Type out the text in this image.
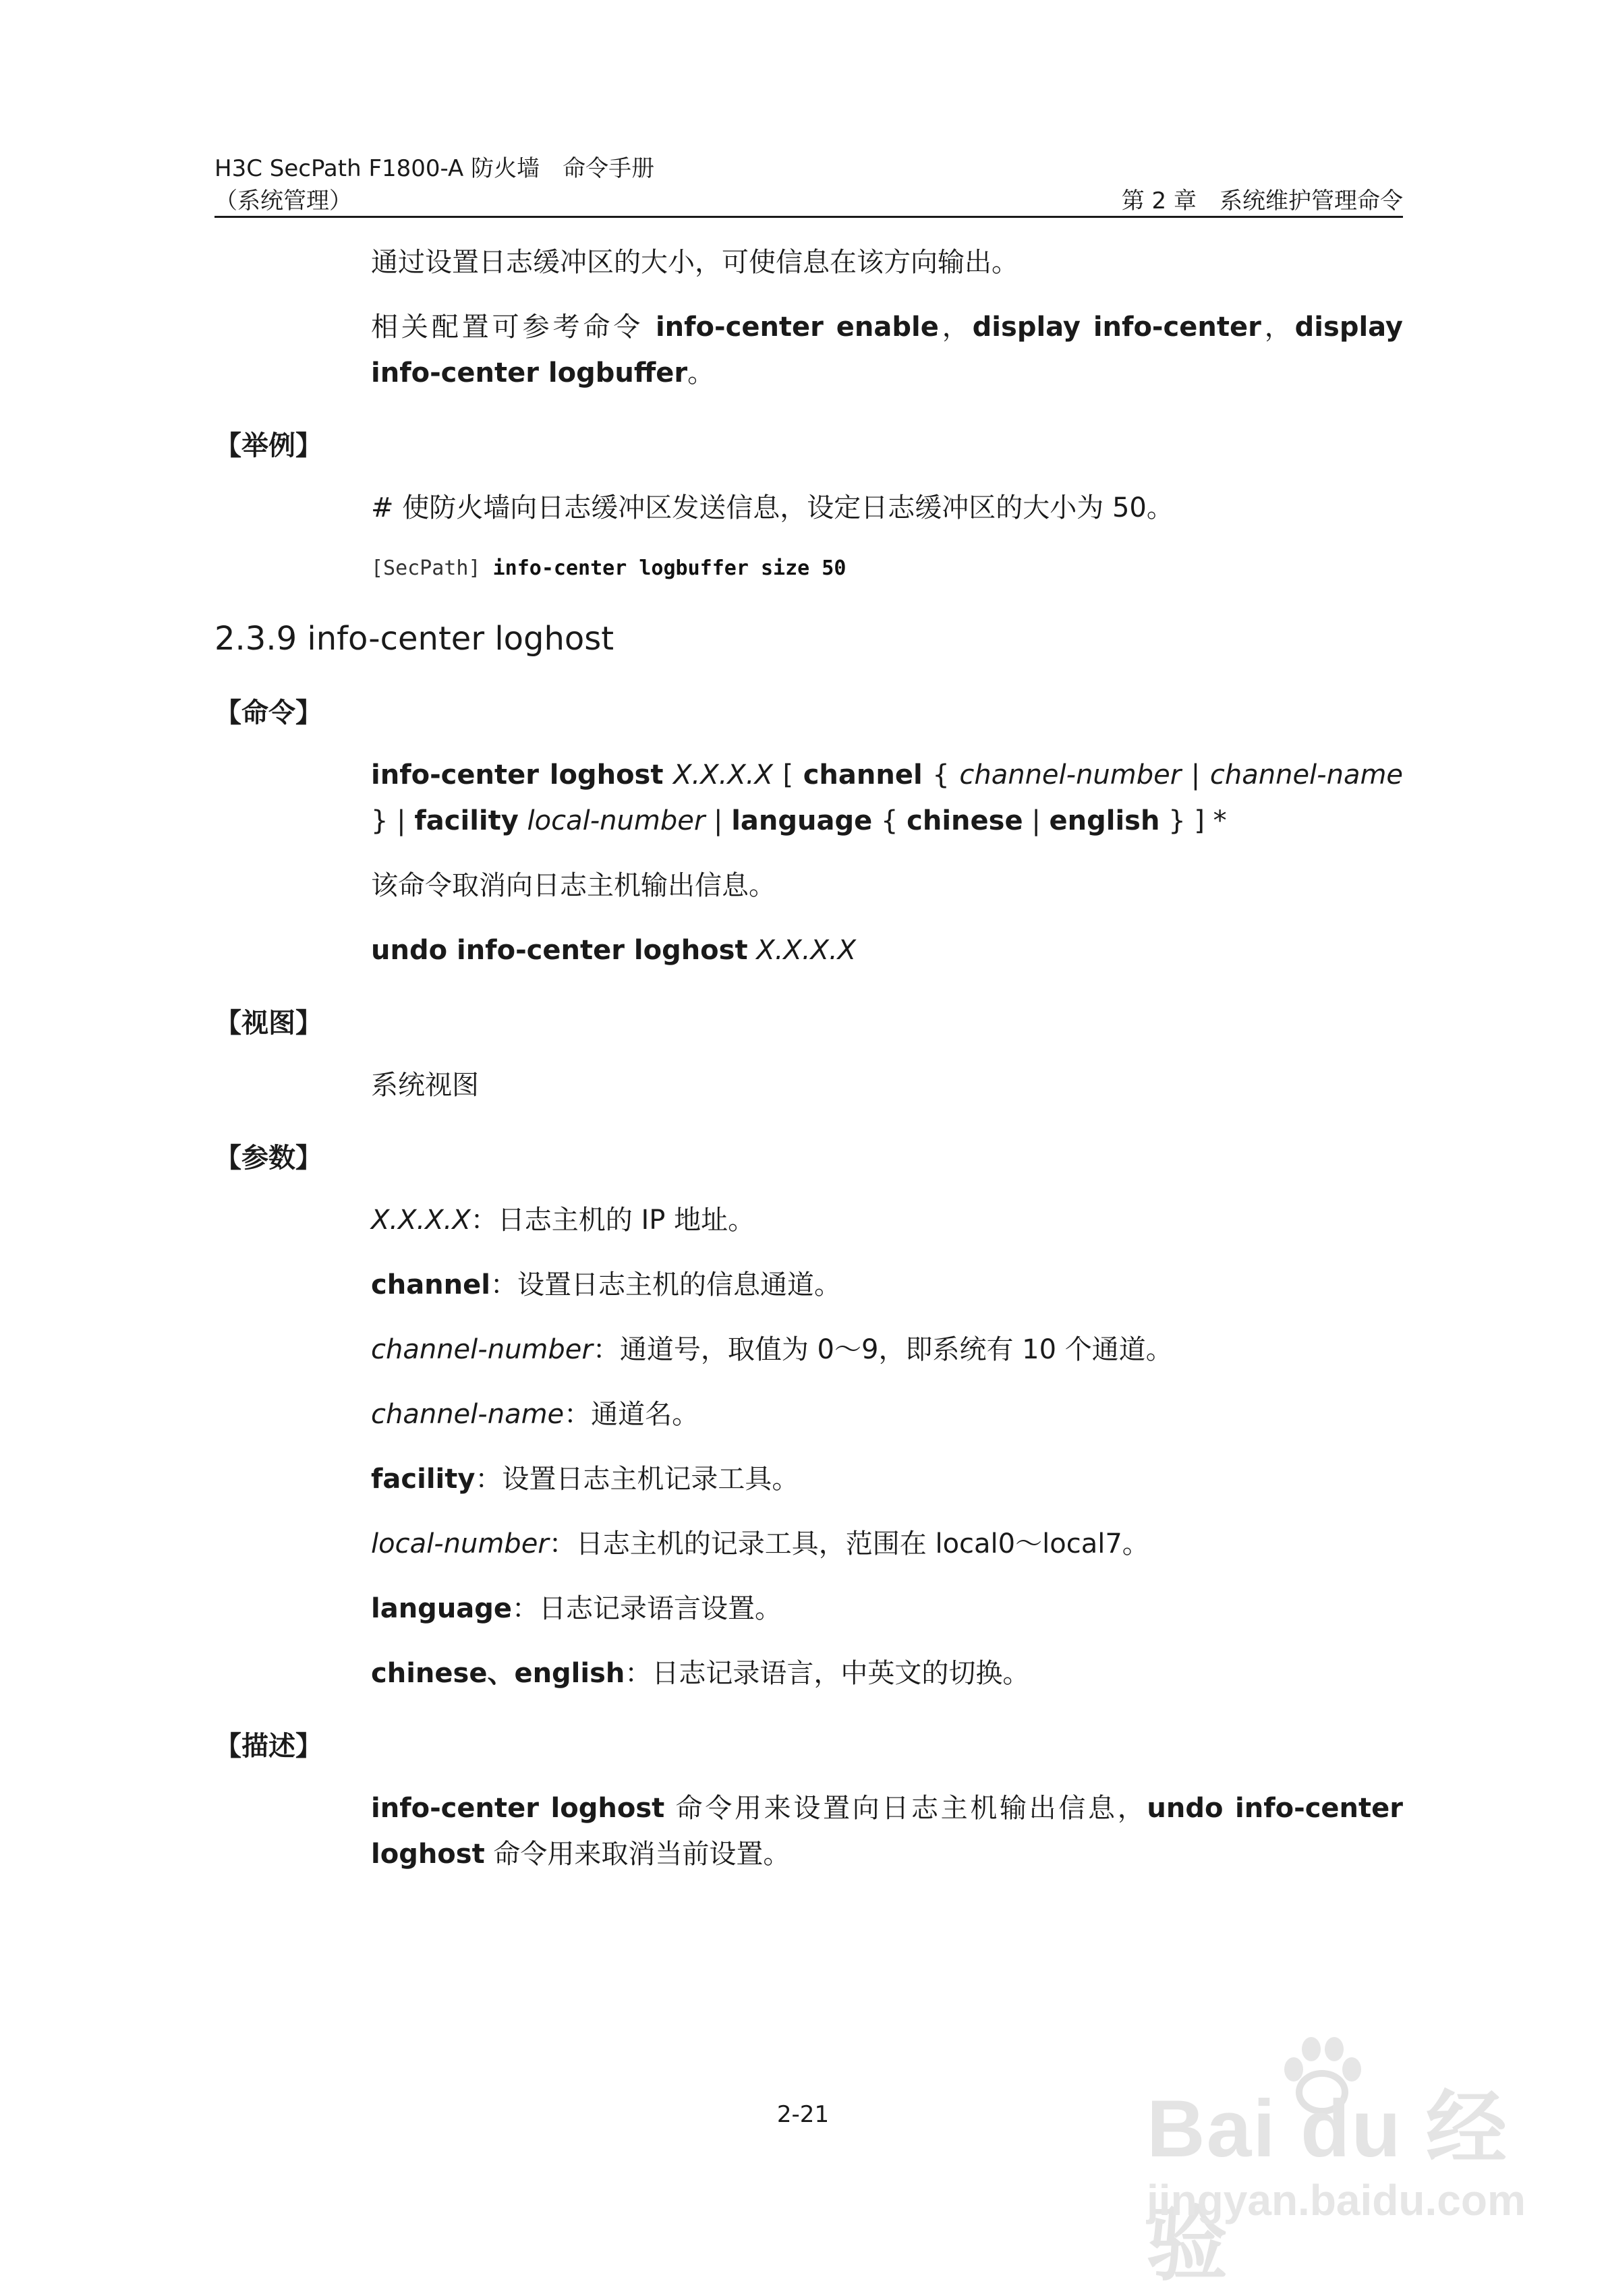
H3C SecPath F1800-A 防火墙　命令手册
（系统管理）	第 2 章　系统维护管理命令

通过设置日志缓冲区的大小，可使信息在该方向输出。

相关配置可参考命令 info-center enable，display info-center，display info-center logbuffer。

【举例】

# 使防火墙向日志缓冲区发送信息，设定日志缓冲区的大小为 50。

[SecPath] info-center logbuffer size 50
2.3.9 info-center loghost
【命令】

info-center loghost X.X.X.X [ channel { channel-number | channel-name } | facility local-number | language { chinese | english } ] *

该命令取消向日志主机输出信息。

undo info-center loghost X.X.X.X

【视图】

系统视图

【参数】

X.X.X.X：日志主机的 IP 地址。

channel：设置日志主机的信息通道。

channel-number：通道号，取值为 0～9，即系统有 10 个通道。

channel-name：通道名。

facility：设置日志主机记录工具。

local-number：日志主机的记录工具，范围在 local0～local7。

language：日志记录语言设置。

chinese、english：日志记录语言，中英文的切换。

【描述】

info-center loghost 命令用来设置向日志主机输出信息，undo info-center loghost 命令用来取消当前设置。

2-21	Bai du 经验
jingyan.baidu.com
